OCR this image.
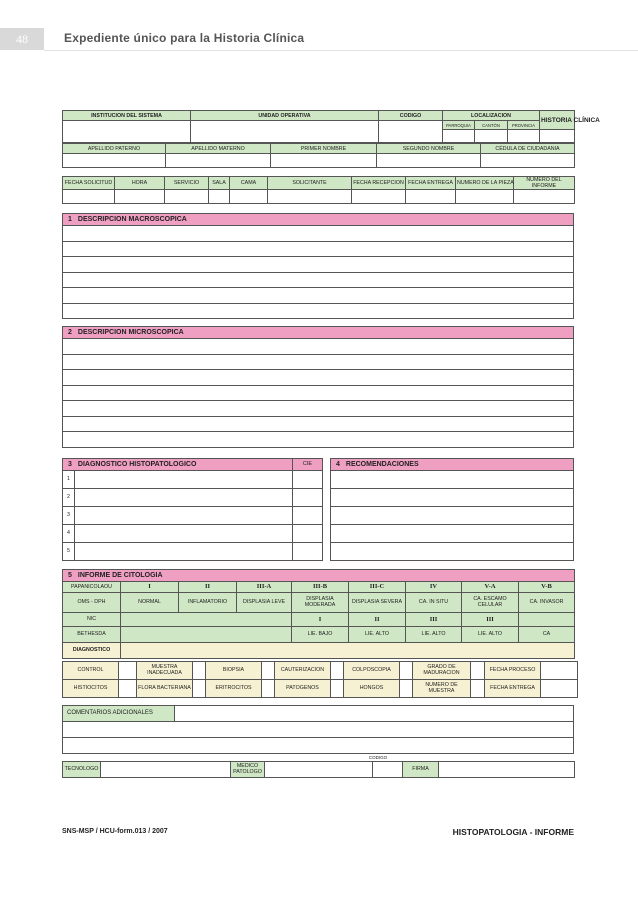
48	Expediente único para la Historia Clínica
INSTITUCION DEL SISTEMA	UNIDAD OPERATIVA	CODIGO	LOCALIZACION			HISTORIA CLÍNICA
			PARROQUIA	CANTÓN	PROVINCIA	

APELLIDO PATERNO	APELLIDO MATERNO	PRIMER NOMBRE	SEGUNDO NOMBRE	CÉDULA DE CIUDADANIA

FECHA SOLICITUD	HORA	SERVICIO	SALA	CAMA	SOLICITANTE	FECHA RECEPCION	FECHA ENTREGA	NUMERO DE LA PIEZA	NUMERO DEL INFORME

1 DESCRIPCION MACROSCOPICA

2 DESCRIPCION MICROSCOPICA

3 DIAGNOSTICO HISTOPATOLOGICO		CIE
1		
2		
3		
4		
5		
4 RECOMENDACIONES

5 INFORME DE CITOLOGIA									
PAPANICOLAOU	I	II	III-A	III-B	III-C	IV	V-A	V-B	
OMS - DPH	NORMAL	INFLAMATORIO	DISPLASIA LEVE	DISPLASIA MODERADA	DISPLASIA SEVERA	CA. IN SITU	CA. ESCAMO CELULAR	CA. INVASOR	
NIC				I	II	III	III		
BETHESDA				LIE. BAJO	LIE. ALTO	LIE. ALTO	LIE. ALTO	CA	
DIAGNOSTICO									
CONTROL		MUESTRA INADECUADA		BIOPSIA		CAUTERIZACION		COLPOSCOPIA		GRADO DE MADURACION		FECHA PROCESO	
HISTIOCITOS		FLORA BACTERIANA		ERITROCITOS		PATOGENOS		HONGOS		NUMERO DE MUESTRA		FECHA ENTREGA	
COMENTARIOS ADICIONALES	

CODIGO
TECNOLOGO		MEDICO PATOLOGO			FIRMA	
SNS-MSP / HCU-form.013 / 2007	HISTOPATOLOGIA - INFORME
